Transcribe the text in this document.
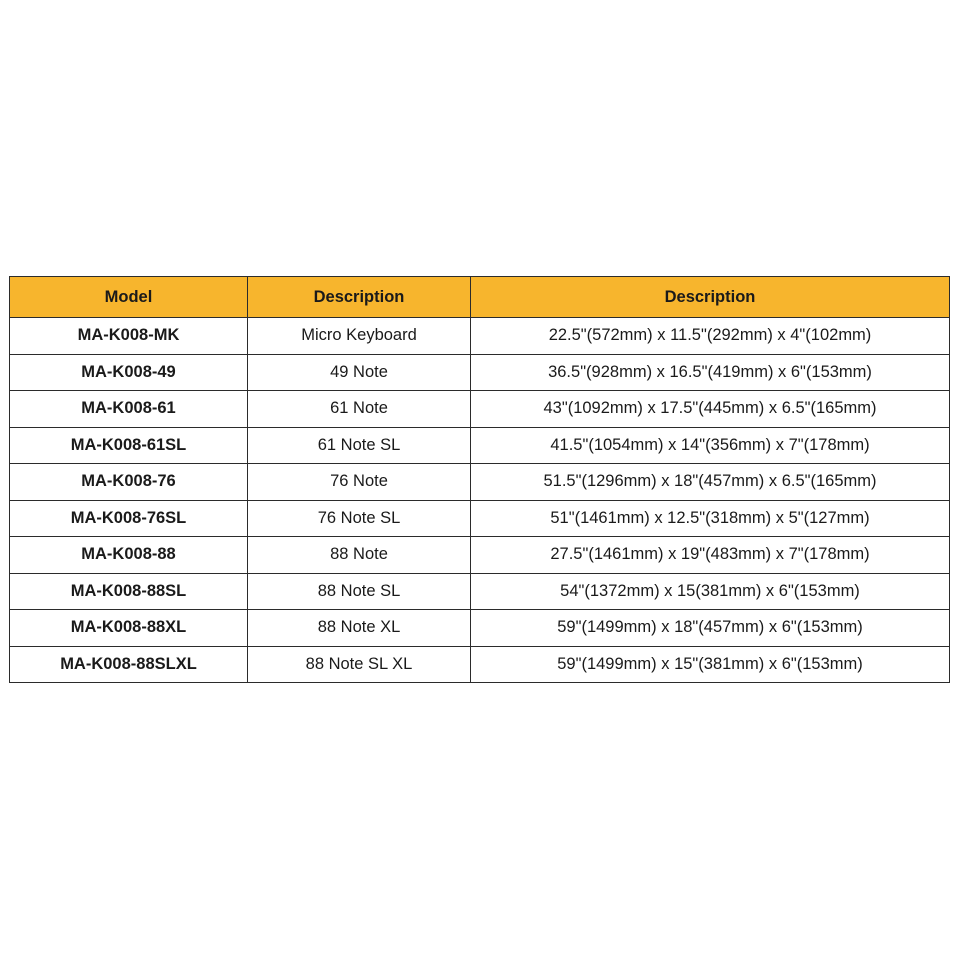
Model	Description	Description
MA-K008-MK	Micro Keyboard	22.5"(572mm) x 11.5"(292mm) x 4"(102mm)
MA-K008-49	49 Note	36.5"(928mm) x 16.5"(419mm) x 6"(153mm)
MA-K008-61	61 Note	43"(1092mm) x 17.5"(445mm) x 6.5"(165mm)
MA-K008-61SL	61 Note SL	41.5"(1054mm) x 14"(356mm) x 7"(178mm)
MA-K008-76	76 Note	51.5"(1296mm) x 18"(457mm) x 6.5"(165mm)
MA-K008-76SL	76 Note SL	51"(1461mm) x 12.5"(318mm) x 5"(127mm)
MA-K008-88	88 Note	27.5"(1461mm) x 19"(483mm) x 7"(178mm)
MA-K008-88SL	88 Note SL	54"(1372mm) x 15(381mm) x 6"(153mm)
MA-K008-88XL	88 Note XL	59"(1499mm) x 18"(457mm) x 6"(153mm)
MA-K008-88SLXL	88 Note SL XL	59"(1499mm) x 15"(381mm) x 6"(153mm)
